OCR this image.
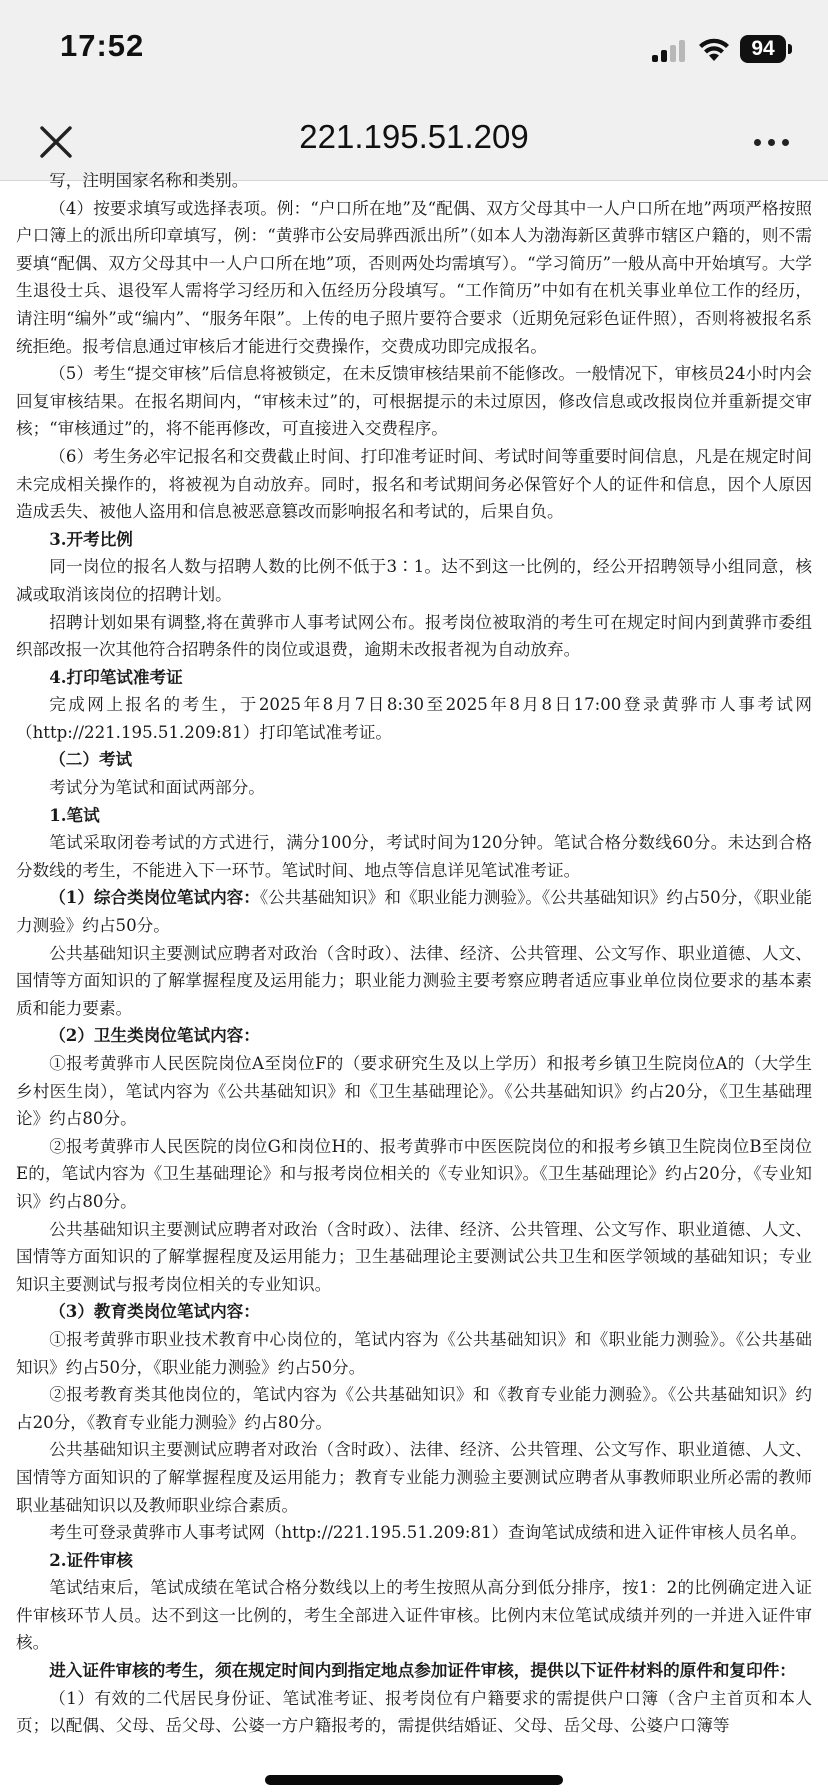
17:52	94
221.195.51.209

写，注明国家名称和类别。

（4）按要求填写或选择表项。例：“户口所在地”及“配偶、双方父母其中一人户口所在地”两项严格按照户口簿上的派出所印章填写，例：“黄骅市公安局骅西派出所”（如本人为渤海新区黄骅市辖区户籍的，则不需要填“配偶、双方父母其中一人户口所在地”项，否则两处均需填写）。“学习简历”一般从高中开始填写。大学生退役士兵、退役军人需将学习经历和入伍经历分段填写。“工作简历”中如有在机关事业单位工作的经历，请注明“编外”或“编内”、“服务年限”。上传的电子照片要符合要求（近期免冠彩色证件照），否则将被报名系统拒绝。报考信息通过审核后才能进行交费操作，交费成功即完成报名。

（5）考生“提交审核”后信息将被锁定，在未反馈审核结果前不能修改。一般情况下，审核员24小时内会回复审核结果。在报名期间内，“审核未过”的，可根据提示的未过原因，修改信息或改报岗位并重新提交审核；“审核通过”的，将不能再修改，可直接进入交费程序。

（6）考生务必牢记报名和交费截止时间、打印准考证时间、考试时间等重要时间信息，凡是在规定时间未完成相关操作的，将被视为自动放弃。同时，报名和考试期间务必保管好个人的证件和信息，因个人原因造成丢失、被他人盗用和信息被恶意篡改而影响报名和考试的，后果自负。

3.开考比例

同一岗位的报名人数与招聘人数的比例不低于3∶1。达不到这一比例的，经公开招聘领导小组同意，核减或取消该岗位的招聘计划。

招聘计划如果有调整,将在黄骅市人事考试网公布。报考岗位被取消的考生可在规定时间内到黄骅市委组织部改报一次其他符合招聘条件的岗位或退费，逾期未改报者视为自动放弃。

4.打印笔试准考证

完成网上报名的考生，于2025年8月7日8:30至2025年8月8日17:00登录黄骅市人事考试网（http://221.195.51.209:81）打印笔试准考证。

（二）考试

考试分为笔试和面试两部分。

1.笔试

笔试采取闭卷考试的方式进行，满分100分，考试时间为120分钟。笔试合格分数线60分。未达到合格分数线的考生，不能进入下一环节。笔试时间、地点等信息详见笔试准考证。

（1）综合类岗位笔试内容：《公共基础知识》和《职业能力测验》。《公共基础知识》约占50分，《职业能力测验》约占50分。

公共基础知识主要测试应聘者对政治（含时政）、法律、经济、公共管理、公文写作、职业道德、人文、国情等方面知识的了解掌握程度及运用能力；职业能力测验主要考察应聘者适应事业单位岗位要求的基本素质和能力要素。

（2）卫生类岗位笔试内容：

①报考黄骅市人民医院岗位A至岗位F的（要求研究生及以上学历）和报考乡镇卫生院岗位A的（大学生乡村医生岗），笔试内容为《公共基础知识》和《卫生基础理论》。《公共基础知识》约占20分，《卫生基础理论》约占80分。

②报考黄骅市人民医院的岗位G和岗位H的、报考黄骅市中医医院岗位的和报考乡镇卫生院岗位B至岗位E的，笔试内容为《卫生基础理论》和与报考岗位相关的《专业知识》。《卫生基础理论》约占20分，《专业知识》约占80分。

公共基础知识主要测试应聘者对政治（含时政）、法律、经济、公共管理、公文写作、职业道德、人文、国情等方面知识的了解掌握程度及运用能力；卫生基础理论主要测试公共卫生和医学领域的基础知识；专业知识主要测试与报考岗位相关的专业知识。

（3）教育类岗位笔试内容：

①报考黄骅市职业技术教育中心岗位的，笔试内容为《公共基础知识》和《职业能力测验》。《公共基础知识》约占50分，《职业能力测验》约占50分。

②报考教育类其他岗位的，笔试内容为《公共基础知识》和《教育专业能力测验》。《公共基础知识》约占20分，《教育专业能力测验》约占80分。

公共基础知识主要测试应聘者对政治（含时政）、法律、经济、公共管理、公文写作、职业道德、人文、国情等方面知识的了解掌握程度及运用能力；教育专业能力测验主要测试应聘者从事教师职业所必需的教师职业基础知识以及教师职业综合素质。

考生可登录黄骅市人事考试网（http://221.195.51.209:81）查询笔试成绩和进入证件审核人员名单。

2.证件审核

笔试结束后，笔试成绩在笔试合格分数线以上的考生按照从高分到低分排序，按1：2的比例确定进入证件审核环节人员。达不到这一比例的，考生全部进入证件审核。比例内末位笔试成绩并列的一并进入证件审核。

进入证件审核的考生，须在规定时间内到指定地点参加证件审核，提供以下证件材料的原件和复印件：

（1）有效的二代居民身份证、笔试准考证、报考岗位有户籍要求的需提供户口簿（含户主首页和本人页；以配偶、父母、岳父母、公婆一方户籍报考的，需提供结婚证、父母、岳父母、公婆户口簿等
